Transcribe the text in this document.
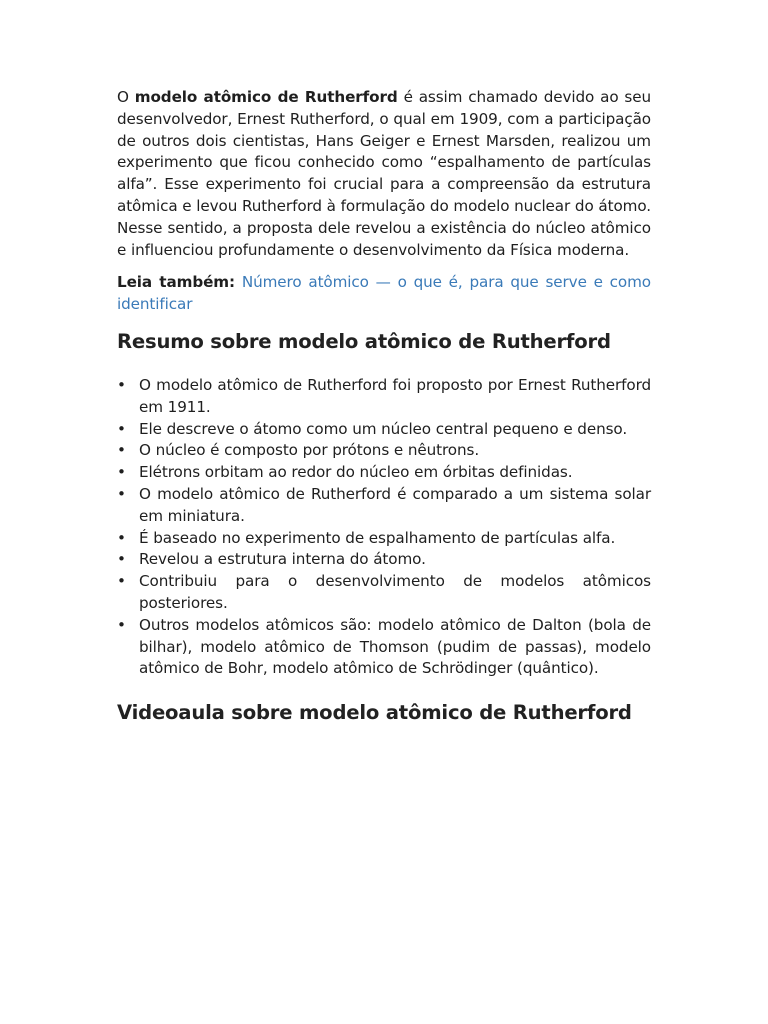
O modelo atômico de Rutherford é assim chamado devido ao seu desenvolvedor, Ernest Rutherford, o qual em 1909, com a participação de outros dois cientistas, Hans Geiger e Ernest Marsden, realizou um experimento que ficou conhecido como “espalhamento de partículas alfa”. Esse experimento foi crucial para a compreensão da estrutura atômica e levou Rutherford à formulação do modelo nuclear do átomo. Nesse sentido, a proposta dele revelou a existência do núcleo atômico e influenciou profundamente o desenvolvimento da Física moderna.

Leia também: Número atômico — o que é, para que serve e como identificar

Resumo sobre modelo atômico de Rutherford
• O modelo atômico de Rutherford foi proposto por Ernest Rutherford em 1911.
• Ele descreve o átomo como um núcleo central pequeno e denso.
• O núcleo é composto por prótons e nêutrons.
• Elétrons orbitam ao redor do núcleo em órbitas definidas.
• O modelo atômico de Rutherford é comparado a um sistema solar em miniatura.
• É baseado no experimento de espalhamento de partículas alfa.
• Revelou a estrutura interna do átomo.
• Contribuiu para o desenvolvimento de modelos atômicos posteriores.
• Outros modelos atômicos são: modelo atômico de Dalton (bola de bilhar), modelo atômico de Thomson (pudim de passas), modelo atômico de Bohr, modelo atômico de Schrödinger (quântico).
Videoaula sobre modelo atômico de Rutherford
